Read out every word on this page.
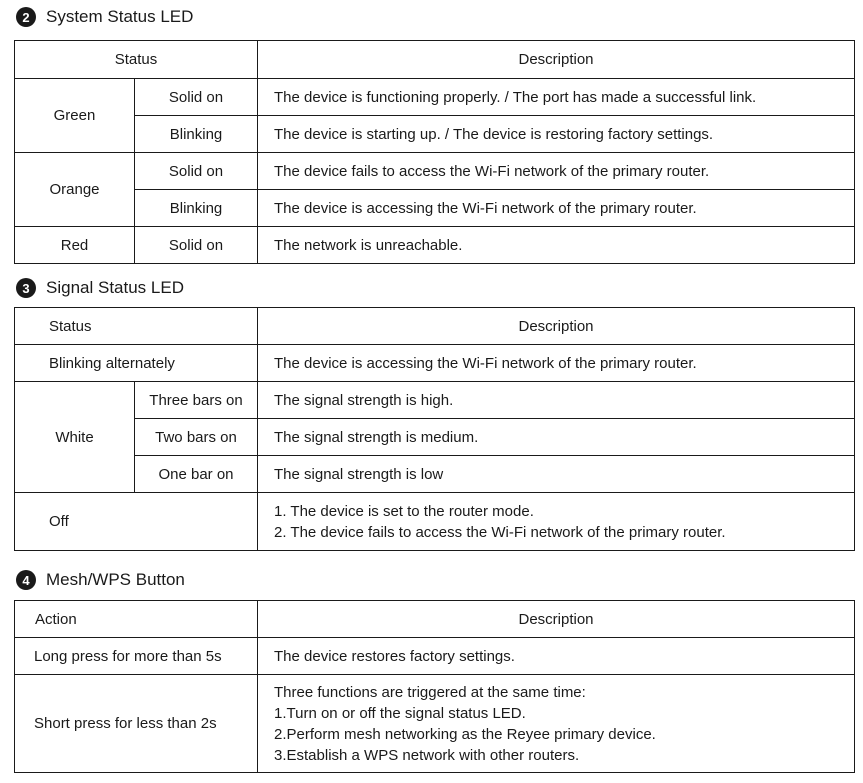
2 System Status LED
Status		Description
Green	Solid on	The device is functioning properly. / The port has made a successful link.
	Blinking	The device is starting up. / The device is restoring factory settings.
Orange	Solid on	The device fails to access the Wi-Fi network of the primary router.
	Blinking	The device is accessing the Wi-Fi network of the primary router.
Red	Solid on	The network is unreachable.
3 Signal Status LED
Status		Description
Blinking alternately		The device is accessing the Wi-Fi network of the primary router.
White	Three bars on	The signal strength is high.
	Two bars on	The signal strength is medium.
	One bar on	The signal strength is low
Off		1. The device is set to the router mode.
2. The device fails to access the Wi-Fi network of the primary router.
4 Mesh/WPS Button
Action	Description
Long press for more than 5s	The device restores factory settings.
Short press for less than 2s	Three functions are triggered at the same time:
1.Turn on or off the signal status LED.
2.Perform mesh networking as the Reyee primary device.
3.Establish a WPS network with other routers.
